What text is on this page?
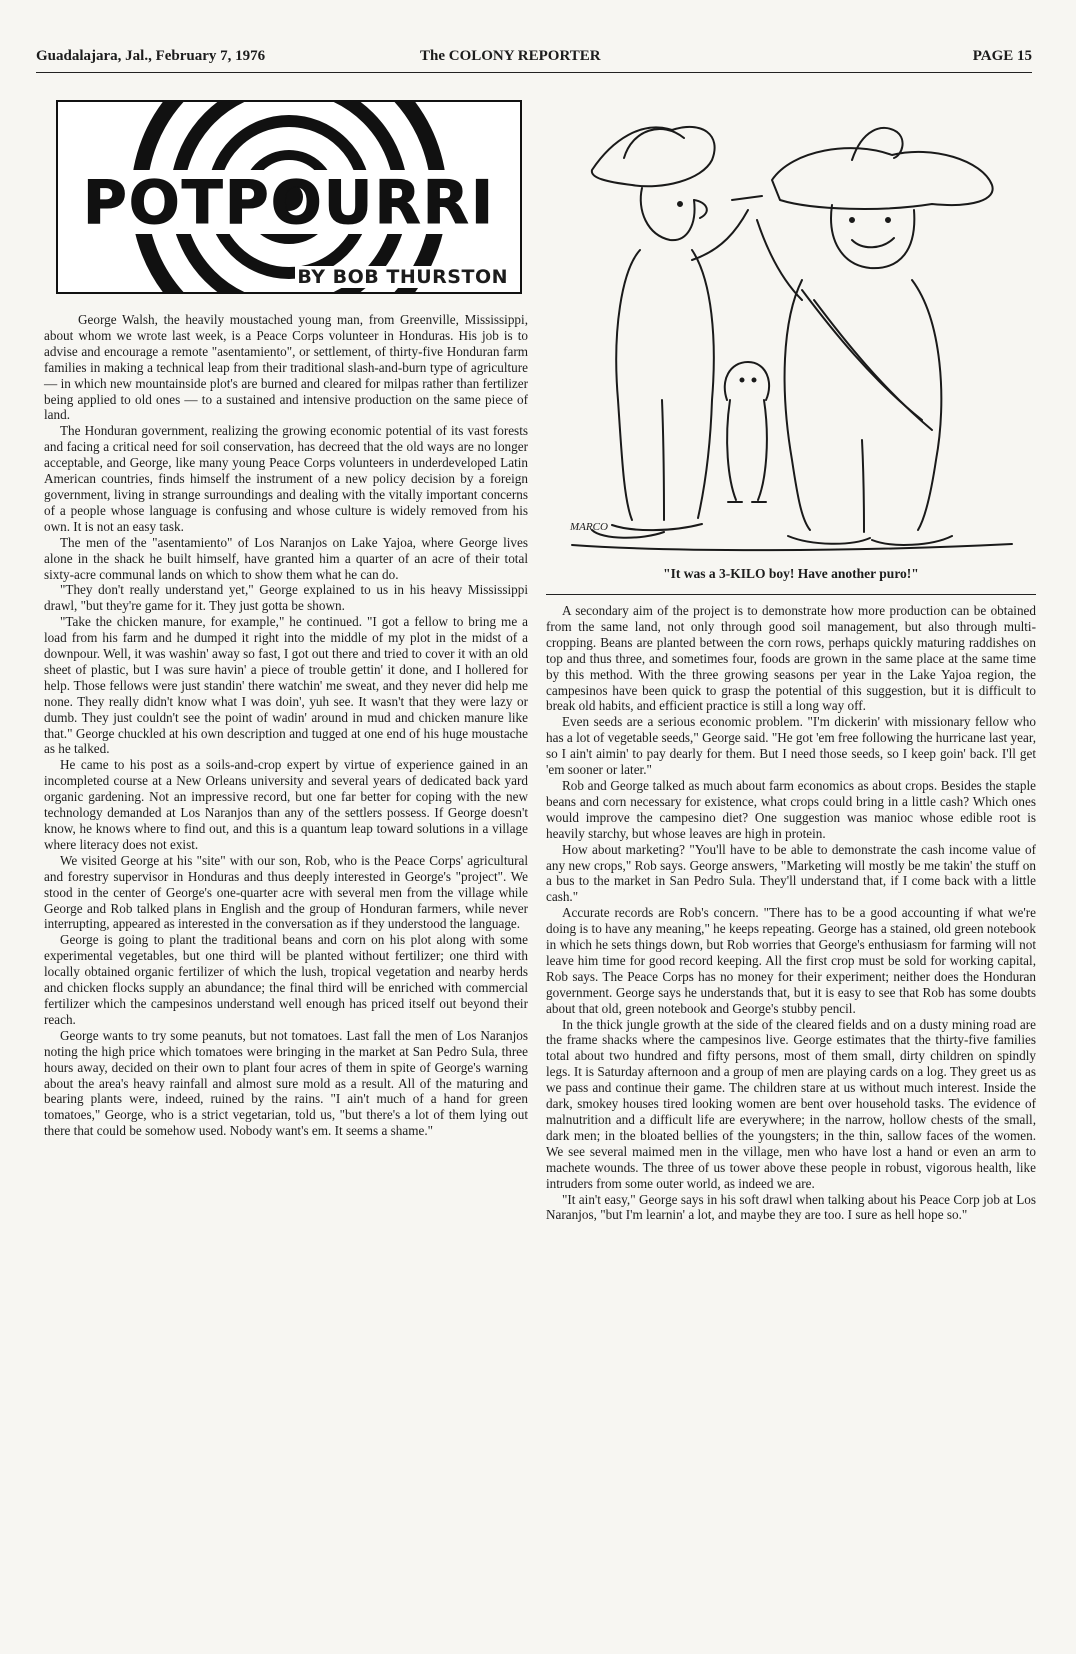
Guadalajara, Jal., February 7, 1976	The COLONY REPORTER	PAGE 15
POTPOURRI
BY BOB THURSTON

George Walsh, the heavily moustached young man, from Greenville, Mississippi, about whom we wrote last week, is a Peace Corps volunteer in Honduras. His job is to advise and encourage a remote "asentamiento", or settlement, of thirty-five Honduran farm families in making a technical leap from their traditional slash-and-burn type of agriculture — in which new mountainside plot's are burned and cleared for milpas rather than fertilizer being applied to old ones — to a sustained and intensive production on the same piece of land.

The Honduran government, realizing the growing economic potential of its vast forests and facing a critical need for soil conservation, has decreed that the old ways are no longer acceptable, and George, like many young Peace Corps volunteers in underdeveloped Latin American countries, finds himself the instrument of a new policy decision by a foreign government, living in strange surroundings and dealing with the vitally important concerns of a people whose language is confusing and whose culture is widely removed from his own. It is not an easy task.

The men of the "asentamiento" of Los Naranjos on Lake Yajoa, where George lives alone in the shack he built himself, have granted him a quarter of an acre of their total sixty-acre communal lands on which to show them what he can do.

"They don't really understand yet," George explained to us in his heavy Mississippi drawl, "but they're game for it. They just gotta be shown.

"Take the chicken manure, for example," he continued. "I got a fellow to bring me a load from his farm and he dumped it right into the middle of my plot in the midst of a downpour. Well, it was washin' away so fast, I got out there and tried to cover it with an old sheet of plastic, but I was sure havin' a piece of trouble gettin' it done, and I hollered for help. Those fellows were just standin' there watchin' me sweat, and they never did help me none. They really didn't know what I was doin', yuh see. It wasn't that they were lazy or dumb. They just couldn't see the point of wadin' around in mud and chicken manure like that." George chuckled at his own description and tugged at one end of his huge moustache as he talked.

He came to his post as a soils-and-crop expert by virtue of experience gained in an incompleted course at a New Orleans university and several years of dedicated back yard organic gardening. Not an impressive record, but one far better for coping with the new technology demanded at Los Naranjos than any of the settlers possess. If George doesn't know, he knows where to find out, and this is a quantum leap toward solutions in a village where literacy does not exist.

We visited George at his "site" with our son, Rob, who is the Peace Corps' agricultural and forestry supervisor in Honduras and thus deeply interested in George's "project". We stood in the center of George's one-quarter acre with several men from the village while George and Rob talked plans in English and the group of Honduran farmers, while never interrupting, appeared as interested in the conversation as if they understood the language.

George is going to plant the traditional beans and corn on his plot along with some experimental vegetables, but one third will be planted without fertilizer; one third with locally obtained organic fertilizer of which the lush, tropical vegetation and nearby herds and chicken flocks supply an abundance; the final third will be enriched with commercial fertilizer which the campesinos understand well enough has priced itself out beyond their reach.

George wants to try some peanuts, but not tomatoes. Last fall the men of Los Naranjos noting the high price which tomatoes were bringing in the market at San Pedro Sula, three hours away, decided on their own to plant four acres of them in spite of George's warning about the area's heavy rainfall and almost sure mold as a result. All of the maturing and bearing plants were, indeed, ruined by the rains. "I ain't much of a hand for green tomatoes," George, who is a strict vegetarian, told us, "but there's a lot of them lying out there that could be somehow used. Nobody want's em. It seems a shame."

MARCO
"It was a 3-KILO boy! Have another puro!"

A secondary aim of the project is to demonstrate how more production can be obtained from the same land, not only through good soil management, but also through multi-cropping. Beans are planted between the corn rows, perhaps quickly maturing raddishes on top and thus three, and sometimes four, foods are grown in the same place at the same time by this method. With the three growing seasons per year in the Lake Yajoa region, the campesinos have been quick to grasp the potential of this suggestion, but it is difficult to break old habits, and efficient practice is still a long way off.

Even seeds are a serious economic problem. "I'm dickerin' with missionary fellow who has a lot of vegetable seeds," George said. "He got 'em free following the hurricane last year, so I ain't aimin' to pay dearly for them. But I need those seeds, so I keep goin' back. I'll get 'em sooner or later."

Rob and George talked as much about farm economics as about crops. Besides the staple beans and corn necessary for existence, what crops could bring in a little cash? Which ones would improve the campesino diet? One suggestion was manioc whose edible root is heavily starchy, but whose leaves are high in protein.

How about marketing? "You'll have to be able to demonstrate the cash income value of any new crops," Rob says. George answers, "Marketing will mostly be me takin' the stuff on a bus to the market in San Pedro Sula. They'll understand that, if I come back with a little cash."

Accurate records are Rob's concern. "There has to be a good accounting if what we're doing is to have any meaning," he keeps repeating. George has a stained, old green notebook in which he sets things down, but Rob worries that George's enthusiasm for farming will not leave him time for good record keeping. All the first crop must be sold for working capital, Rob says. The Peace Corps has no money for their experiment; neither does the Honduran government. George says he understands that, but it is easy to see that Rob has some doubts about that old, green notebook and George's stubby pencil.

In the thick jungle growth at the side of the cleared fields and on a dusty mining road are the frame shacks where the campesinos live. George estimates that the thirty-five families total about two hundred and fifty persons, most of them small, dirty children on spindly legs. It is Saturday afternoon and a group of men are playing cards on a log. They greet us as we pass and continue their game. The children stare at us without much interest. Inside the dark, smokey houses tired looking women are bent over household tasks. The evidence of malnutrition and a difficult life are everywhere; in the narrow, hollow chests of the small, dark men; in the bloated bellies of the youngsters; in the thin, sallow faces of the women. We see several maimed men in the village, men who have lost a hand or even an arm to machete wounds. The three of us tower above these people in robust, vigorous health, like intruders from some outer world, as indeed we are.

"It ain't easy," George says in his soft drawl when talking about his Peace Corp job at Los Naranjos, "but I'm learnin' a lot, and maybe they are too. I sure as hell hope so."
